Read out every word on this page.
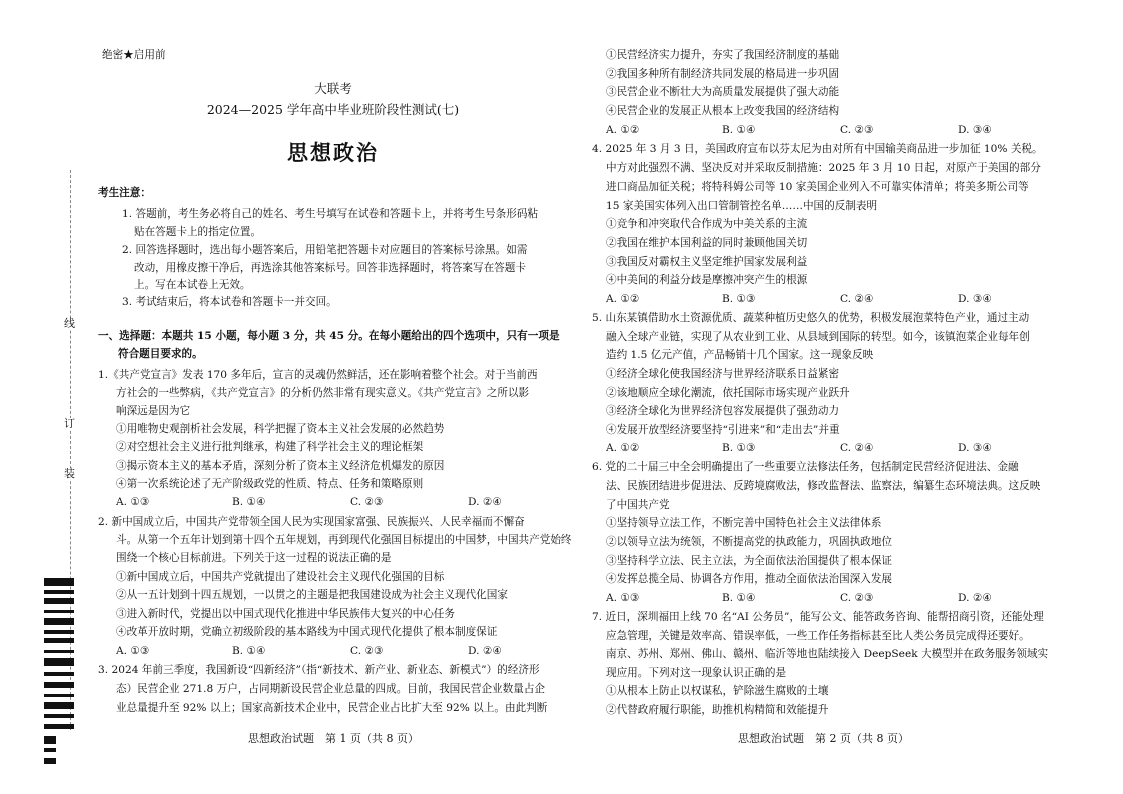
线
订
装
绝密★启用前
大联考
2024—2025 学年高中毕业班阶段性测试(七)
思想政治
考生注意：
1. 答题前，考生务必将自己的姓名、考生号填写在试卷和答题卡上，并将考生号条形码粘
贴在答题卡上的指定位置。
2. 回答选择题时，选出每小题答案后，用铅笔把答题卡对应题目的答案标号涂黑。如需
改动，用橡皮擦干净后，再选涂其他答案标号。回答非选择题时，将答案写在答题卡
上。写在本试卷上无效。
3. 考试结束后，将本试卷和答题卡一并交回。
一、选择题：本题共 15 小题，每小题 3 分，共 45 分。在每小题给出的四个选项中，只有一项是
符合题目要求的。
1.《共产党宣言》发表 170 多年后，宣言的灵魂仍然鲜活，还在影响着整个社会。对于当前西
方社会的一些弊病，《共产党宣言》的分析仍然非常有现实意义。《共产党宣言》之所以影
响深远是因为它
①用唯物史观剖析社会发展，科学把握了资本主义社会发展的必然趋势
②对空想社会主义进行批判继承，构建了科学社会主义的理论框架
③揭示资本主义的基本矛盾，深刻分析了资本主义经济危机爆发的原因
④第一次系统论述了无产阶级政党的性质、特点、任务和策略原则
A. ①③	B. ①④	C. ②③	D. ②④
2. 新中国成立后，中国共产党带领全国人民为实现国家富强、民族振兴、人民幸福而不懈奋
斗。从第一个五年计划到第十四个五年规划，再到现代化强国目标提出的中国梦，中国共产党始终
围绕一个核心目标前进。下列关于这一过程的说法正确的是
①新中国成立后，中国共产党就提出了建设社会主义现代化强国的目标
②从一五计划到十四五规划，一以贯之的主题是把我国建设成为社会主义现代化国家
③进入新时代，党提出以中国式现代化推进中华民族伟大复兴的中心任务
④改革开放时期，党确立初级阶段的基本路线为中国式现代化提供了根本制度保证
A. ①③	B. ①④	C. ②③	D. ②④
3. 2024 年前三季度，我国新设“四新经济”（指“新技术、新产业、新业态、新模式”）的经济形
态）民营企业 271.8 万户，占同期新设民营企业总量的四成。目前，我国民营企业数量占企
业总量提升至 92% 以上；国家高新技术企业中，民营企业占比扩大至 92% 以上。由此判断
思想政治试题　第 1 页（共 8 页）
①民营经济实力提升，夯实了我国经济制度的基础
②我国多种所有制经济共同发展的格局进一步巩固
③民营企业不断壮大为高质量发展提供了强大动能
④民营企业的发展正从根本上改变我国的经济结构
A. ①②	B. ①④	C. ②③	D. ③④
4. 2025 年 3 月 3 日，美国政府宣布以芬太尼为由对所有中国输美商品进一步加征 10% 关税。
中方对此强烈不满、坚决反对并采取反制措施：2025 年 3 月 10 日起，对原产于美国的部分
进口商品加征关税；将特科姆公司等 10 家美国企业列入不可靠实体清单；将美多斯公司等
15 家美国实体列入出口管制管控名单……中国的反制表明
①竞争和冲突取代合作成为中美关系的主流
②我国在维护本国利益的同时兼顾他国关切
③我国反对霸权主义坚定维护国家发展利益
④中美间的利益分歧是摩擦冲突产生的根源
A. ①②	B. ①③	C. ②④	D. ③④
5. 山东某镇借助水土资源优质、蔬菜种植历史悠久的优势，积极发展泡菜特色产业，通过主动
融入全球产业链，实现了从农业到工业、从县域到国际的转型。如今，该镇泡菜企业每年创
造约 1.5 亿元产值，产品畅销十几个国家。这一现象反映
①经济全球化使我国经济与世界经济联系日益紧密
②该地顺应全球化潮流，依托国际市场实现产业跃升
③经济全球化为世界经济包容发展提供了强劲动力
④发展开放型经济要坚持“引进来”和“走出去”并重
A. ①②	B. ①③	C. ②④	D. ③④
6. 党的二十届三中全会明确提出了一些重要立法修法任务，包括制定民营经济促进法、金融
法、民族团结进步促进法、反跨境腐败法，修改监督法、监察法，编纂生态环境法典。这反映
了中国共产党
①坚持领导立法工作，不断完善中国特色社会主义法律体系
②以领导立法为统领，不断提高党的执政能力，巩固执政地位
③坚持科学立法、民主立法，为全面依法治国提供了根本保证
④发挥总揽全局、协调各方作用，推动全面依法治国深入发展
A. ①③	B. ①④	C. ②③	D. ②④
7. 近日，深圳福田上线 70 名“AI 公务员”，能写公文、能答政务咨询、能帮招商引资，还能处理
应急管理，关键是效率高、错误率低，一些工作任务指标甚至比人类公务员完成得还要好。
南京、苏州、郑州、佛山、赣州、临沂等地也陆续接入 DeepSeek 大模型并在政务服务领域实
现应用。下列对这一现象认识正确的是
①从根本上防止以权谋私，铲除滋生腐败的土壤
②代替政府履行职能，助推机构精简和效能提升
思想政治试题　第 2 页（共 8 页）
